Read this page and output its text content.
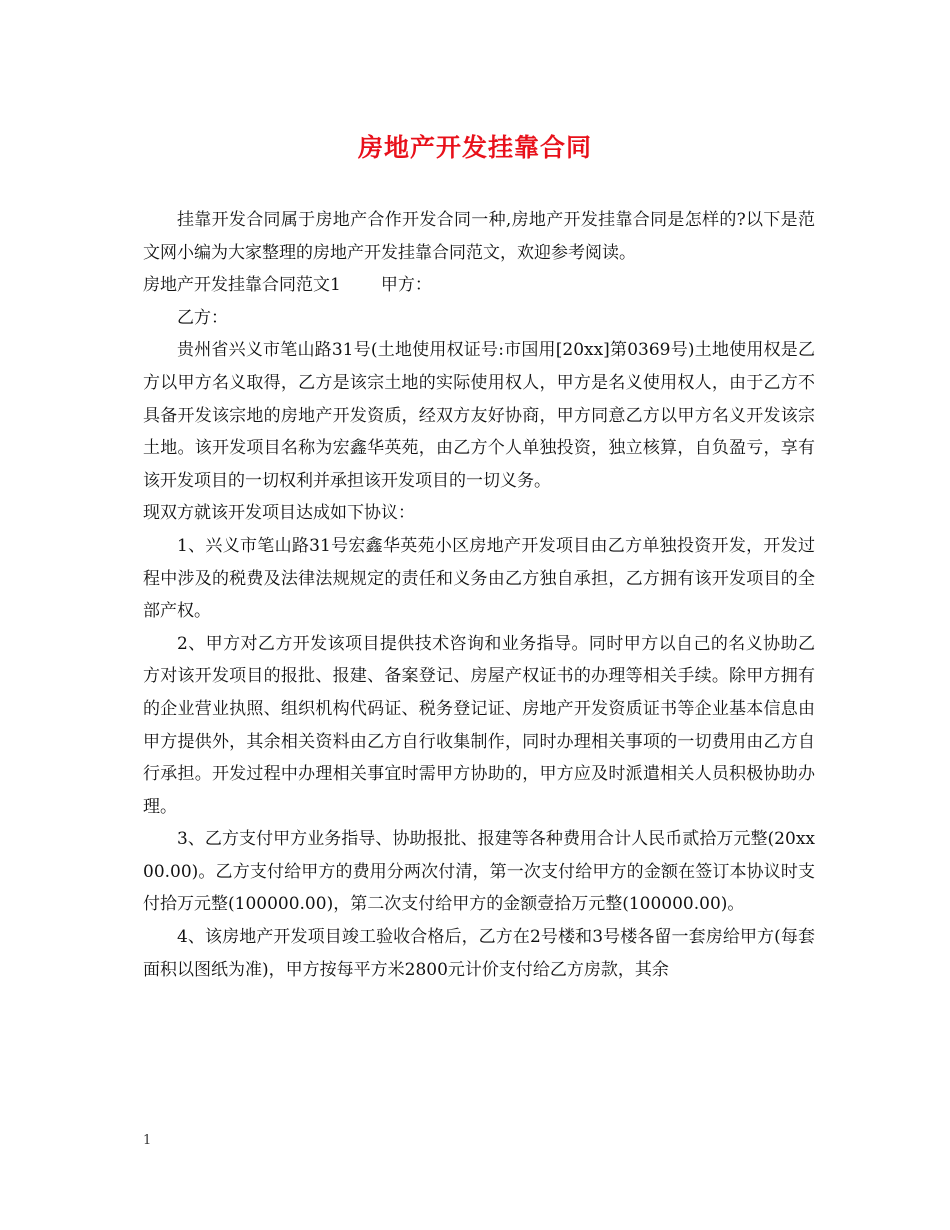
房地产开发挂靠合同

挂靠开发合同属于房地产合作开发合同一种,房地产开发挂靠合同是怎样的?以下是范文网小编为大家整理的房地产开发挂靠合同范文，欢迎参考阅读。

房地产开发挂靠合同范文1 甲方：

乙方：

贵州省兴义市笔山路31号(土地使用权证号:市国用[20xx]第0369号)土地使用权是乙方以甲方名义取得，乙方是该宗土地的实际使用权人，甲方是名义使用权人，由于乙方不具备开发该宗地的房地产开发资质，经双方友好协商，甲方同意乙方以甲方名义开发该宗土地。该开发项目名称为宏鑫华英苑，由乙方个人单独投资，独立核算，自负盈亏，享有该开发项目的一切权利并承担该开发项目的一切义务。

现双方就该开发项目达成如下协议：

1、兴义市笔山路31号宏鑫华英苑小区房地产开发项目由乙方单独投资开发，开发过程中涉及的税费及法律法规规定的责任和义务由乙方独自承担，乙方拥有该开发项目的全部产权。

2、甲方对乙方开发该项目提供技术咨询和业务指导。同时甲方以自己的名义协助乙方对该开发项目的报批、报建、备案登记、房屋产权证书的办理等相关手续。除甲方拥有的企业营业执照、组织机构代码证、税务登记证、房地产开发资质证书等企业基本信息由甲方提供外，其余相关资料由乙方自行收集制作，同时办理相关事项的一切费用由乙方自行承担。开发过程中办理相关事宜时需甲方协助的，甲方应及时派遣相关人员积极协助办理。

3、乙方支付甲方业务指导、协助报批、报建等各种费用合计人民币贰拾万元整(20xx00.00)。乙方支付给甲方的费用分两次付清，第一次支付给甲方的金额在签订本协议时支付拾万元整(100000.00)，第二次支付给甲方的金额壹拾万元整(100000.00)。

4、该房地产开发项目竣工验收合格后，乙方在2号楼和3号楼各留一套房给甲方(每套面积以图纸为准)，甲方按每平方米2800元计价支付给乙方房款，其余

1
